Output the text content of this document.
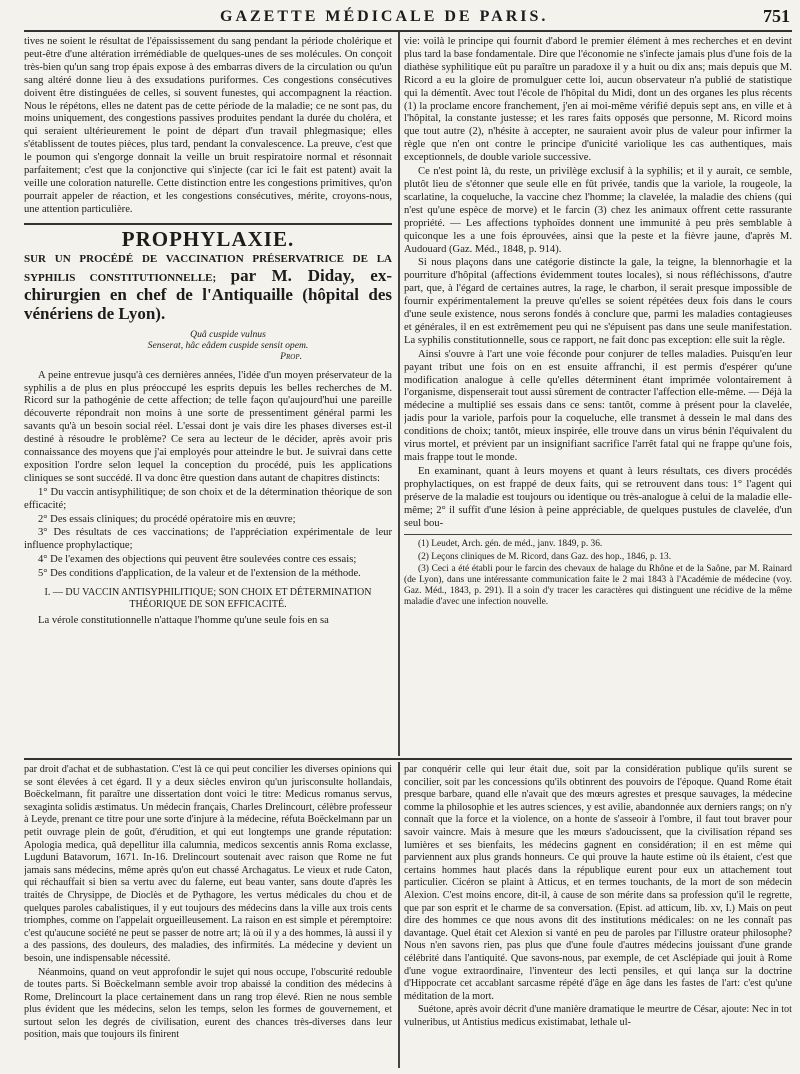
GAZETTE MÉDICALE DE PARIS.	751

tives ne soient le résultat de l'épaississement du sang pendant la période cholérique et peut-être d'une altération irrémédiable de quelques-unes de ses molécules. On conçoit très-bien qu'un sang trop épais expose à des embarras divers de la circulation ou qu'un sang altéré donne lieu à des exsudations puriformes. Ces congestions consécutives doivent être distinguées de celles, si souvent funestes, qui accompagnent la réaction. Nous le répétons, elles ne datent pas de cette période de la maladie; ce ne sont pas, du moins uniquement, des congestions passives produites pendant la durée du choléra, et qui seraient ultérieurement le point de départ d'un travail phlegmasique; elles s'établissent de toutes pièces, plus tard, pendant la convalescence. La preuve, c'est que le poumon qui s'engorge donnait la veille un bruit respiratoire normal et résonnait parfaitement; c'est que la conjonctive qui s'injecte (car ici le fait est patent) avait la veille une coloration naturelle. Cette distinction entre les congestions primitives, qu'on pourrait appeler de réaction, et les congestions consécutives, mérite, croyons-nous, une attention particulière.

PROPHYLAXIE.
SUR UN PROCÉDÉ DE VACCINATION PRÉSERVATRICE DE LA SYPHILIS CONSTITUTIONNELLE; par M. Diday, ex-chirurgien en chef de l'Antiquaille (hôpital des vénériens de Lyon).
Quâ cuspide vulnus
Senserat, hâc eâdem cuspide sensit opem.
Prop.

A peine entrevue jusqu'à ces dernières années, l'idée d'un moyen préservateur de la syphilis a de plus en plus préoccupé les esprits depuis les belles recherches de M. Ricord sur la pathogénie de cette affection; de telle façon qu'aujourd'hui une pareille découverte répondrait non moins à une sorte de pressentiment général parmi les savants qu'à un besoin social réel. L'essai dont je vais dire les phases diverses est-il destiné à résoudre le problème? Ce sera au lecteur de le décider, après avoir pris connaissance des moyens que j'ai employés pour atteindre le but. Je suivrai dans cette exposition l'ordre selon lequel la conception du procédé, puis les applications cliniques se sont succédé. Il va donc être question dans autant de chapitres distincts:

1° Du vaccin antisyphilitique; de son choix et de la détermination théorique de son efficacité;

2° Des essais cliniques; du procédé opératoire mis en œuvre;

3° Des résultats de ces vaccinations; de l'appréciation expérimentale de leur influence prophylactique;

4° De l'examen des objections qui peuvent être soulevées contre ces essais;

5° Des conditions d'application, de la valeur et de l'extension de la méthode.

I. — DU VACCIN ANTISYPHILITIQUE; SON CHOIX ET DÉTERMINATION THÉORIQUE DE SON EFFICACITÉ.

La vérole constitutionnelle n'attaque l'homme qu'une seule fois en sa

vie: voilà le principe qui fournit d'abord le premier élément à mes recherches et en devint plus tard la base fondamentale. Dire que l'économie ne s'infecte jamais plus d'une fois de la diathèse syphilitique eût pu paraître un paradoxe il y a huit ou dix ans; mais depuis que M. Ricord a eu la gloire de promulguer cette loi, aucun observateur n'a publié de statistique qui la démentît. Avec tout l'école de l'hôpital du Midi, dont un des organes les plus récents (1) la proclame encore franchement, j'en ai moi-même vérifié depuis sept ans, en ville et à l'hôpital, la constante justesse; et les rares faits opposés que personne, M. Ricord moins que tout autre (2), n'hésite à accepter, ne sauraient avoir plus de valeur pour infirmer la règle que n'en ont contre le principe d'unicité variolique les cas authentiques, mais exceptionnels, de double variole successive.

Ce n'est point là, du reste, un privilège exclusif à la syphilis; et il y aurait, ce semble, plutôt lieu de s'étonner que seule elle en fût privée, tandis que la variole, la rougeole, la scarlatine, la coqueluche, la vaccine chez l'homme; la clavelée, la maladie des chiens (qui n'est qu'une espèce de morve) et le farcin (3) chez les animaux offrent cette rassurante propriété. — Les affections typhoïdes donnent une immunité à peu près semblable à quiconque les a une fois éprouvées, ainsi que la peste et la fièvre jaune, d'après M. Audouard (Gaz. Méd., 1848, p. 914).

Si nous plaçons dans une catégorie distincte la gale, la teigne, la blennorhagie et la pourriture d'hôpital (affections évidemment toutes locales), si nous réfléchissons, d'autre part, que, à l'égard de certaines autres, la rage, le charbon, il serait presque impossible de fournir expérimentalement la preuve qu'elles se soient répétées deux fois dans le cours d'une seule existence, nous serons fondés à conclure que, parmi les maladies contagieuses et générales, il en est extrêmement peu qui ne s'épuisent pas dans une seule manifestation. La syphilis constitutionnelle, sous ce rapport, ne fait donc pas exception: elle suit la règle.

Ainsi s'ouvre à l'art une voie féconde pour conjurer de telles maladies. Puisqu'en leur payant tribut une fois on en est ensuite affranchi, il est permis d'espérer qu'une modification analogue à celle qu'elles déterminent étant imprimée volontairement à l'organisme, dispenserait tout aussi sûrement de contracter l'affection elle-même. — Déjà la médecine a multiplié ses essais dans ce sens: tantôt, comme à présent pour la clavelée, jadis pour la variole, parfois pour la coqueluche, elle transmet à dessein le mal dans des conditions de choix; tantôt, mieux inspirée, elle trouve dans un virus bénin l'équivalent du virus mortel, et prévient par un insignifiant sacrifice l'arrêt fatal qui ne frappe qu'une fois, mais frappe tout le monde.

En examinant, quant à leurs moyens et quant à leurs résultats, ces divers procédés prophylactiques, on est frappé de deux faits, qui se retrouvent dans tous: 1° l'agent qui préserve de la maladie est toujours ou identique ou très-analogue à celui de la maladie elle-même; 2° il suffit d'une lésion à peine appréciable, de quelques pustules de clavelée, d'un seul bou-

(1) Leudet, Arch. gén. de méd., janv. 1849, p. 36.

(2) Leçons cliniques de M. Ricord, dans Gaz. des hop., 1846, p. 13.

(3) Ceci a été établi pour le farcin des chevaux de halage du Rhône et de la Saône, par M. Rainard (de Lyon), dans une intéressante communication faite le 2 mai 1843 à l'Académie de médecine (voy. Gaz. Méd., 1843, p. 291). Il a soin d'y tracer les caractères qui distinguent une récidive de la même maladie d'avec une infection nouvelle.

par droit d'achat et de subhastation. C'est là ce qui peut concilier les diverses opinions qui se sont élevées à cet égard. Il y a deux siècles environ qu'un jurisconsulte hollandais, Boëckelmann, fit paraître une dissertation dont voici le titre: Medicus romanus servus, sexaginta solidis æstimatus. Un médecin français, Charles Drelincourt, célèbre professeur à Leyde, prenant ce titre pour une sorte d'injure à la médecine, réfuta Boëckelmann par un petit ouvrage plein de goût, d'érudition, et qui eut longtemps une grande réputation: Apologia medica, quâ depellitur illa calumnia, medicos sexcentis annis Roma exclasse, Lugduni Batavorum, 1671. In-16. Drelincourt soutenait avec raison que Rome ne fut jamais sans médecins, même après qu'on eut chassé Archagatus. Le vieux et rude Caton, qui réchauffait si bien sa vertu avec du falerne, eut beau vanter, sans doute d'après les traités de Chrysippe, de Dioclès et de Pythagore, les vertus médicales du chou et de quelques paroles cabalistiques, il y eut toujours des médecins dans la ville aux trois cents triomphes, comme on l'appelait orgueilleusement. La raison en est simple et péremptoire: c'est qu'aucune société ne peut se passer de notre art; là où il y a des hommes, là aussi il y a des passions, des douleurs, des maladies, des infirmités. La médecine y devient un besoin, une indispensable nécessité.

Néanmoins, quand on veut approfondir le sujet qui nous occupe, l'obscurité redouble de toutes parts. Si Boëckelmann semble avoir trop abaissé la condition des médecins à Rome, Drelincourt la place certainement dans un rang trop élevé. Rien ne nous semble plus évident que les médecins, selon les temps, selon les formes de gouvernement, et surtout selon les degrés de civilisation, eurent des chances très-diverses dans leur position, mais que toujours ils finirent

par conquérir celle qui leur était due, soit par la considération publique qu'ils surent se concilier, soit par les concessions qu'ils obtinrent des pouvoirs de l'époque. Quand Rome était presque barbare, quand elle n'avait que des mœurs agrestes et presque sauvages, la médecine comme la philosophie et les autres sciences, y est avilie, abandonnée aux derniers rangs; on n'y connaît que la force et la violence, on a honte de s'asseoir à l'ombre, il faut tout braver pour savoir vaincre. Mais à mesure que les mœurs s'adoucissent, que la civilisation répand ses lumières et ses bienfaits, les médecins gagnent en considération; il en est même qui parviennent aux plus grands honneurs. Ce qui prouve la haute estime où ils étaient, c'est que certains hommes haut placés dans la république eurent pour eux un attachement tout particulier. Cicéron se plaint à Atticus, et en termes touchants, de la mort de son médecin Alexion. C'est moins encore, dit-il, à cause de son mérite dans sa profession qu'il le regrette, que par son esprit et le charme de sa conversation. (Epist. ad atticum, lib. xv, I.) Mais on peut dire des hommes ce que nous avons dit des institutions médicales: on ne les connaît pas davantage. Quel était cet Alexion si vanté en peu de paroles par l'illustre orateur philosophe? Nous n'en savons rien, pas plus que d'une foule d'autres médecins jouissant d'une grande célébrité dans l'antiquité. Que savons-nous, par exemple, de cet Asclépiade qui jouit à Rome d'une vogue extraordinaire, l'inventeur des lecti pensiles, et qui lança sur la doctrine d'Hippocrate cet accablant sarcasme répété d'âge en âge dans les fastes de l'art: c'est qu'une méditation de la mort.

Suétone, après avoir décrit d'une manière dramatique le meurtre de César, ajoute: Nec in tot vulneribus, ut Antistius medicus existimabat, lethale ul-
